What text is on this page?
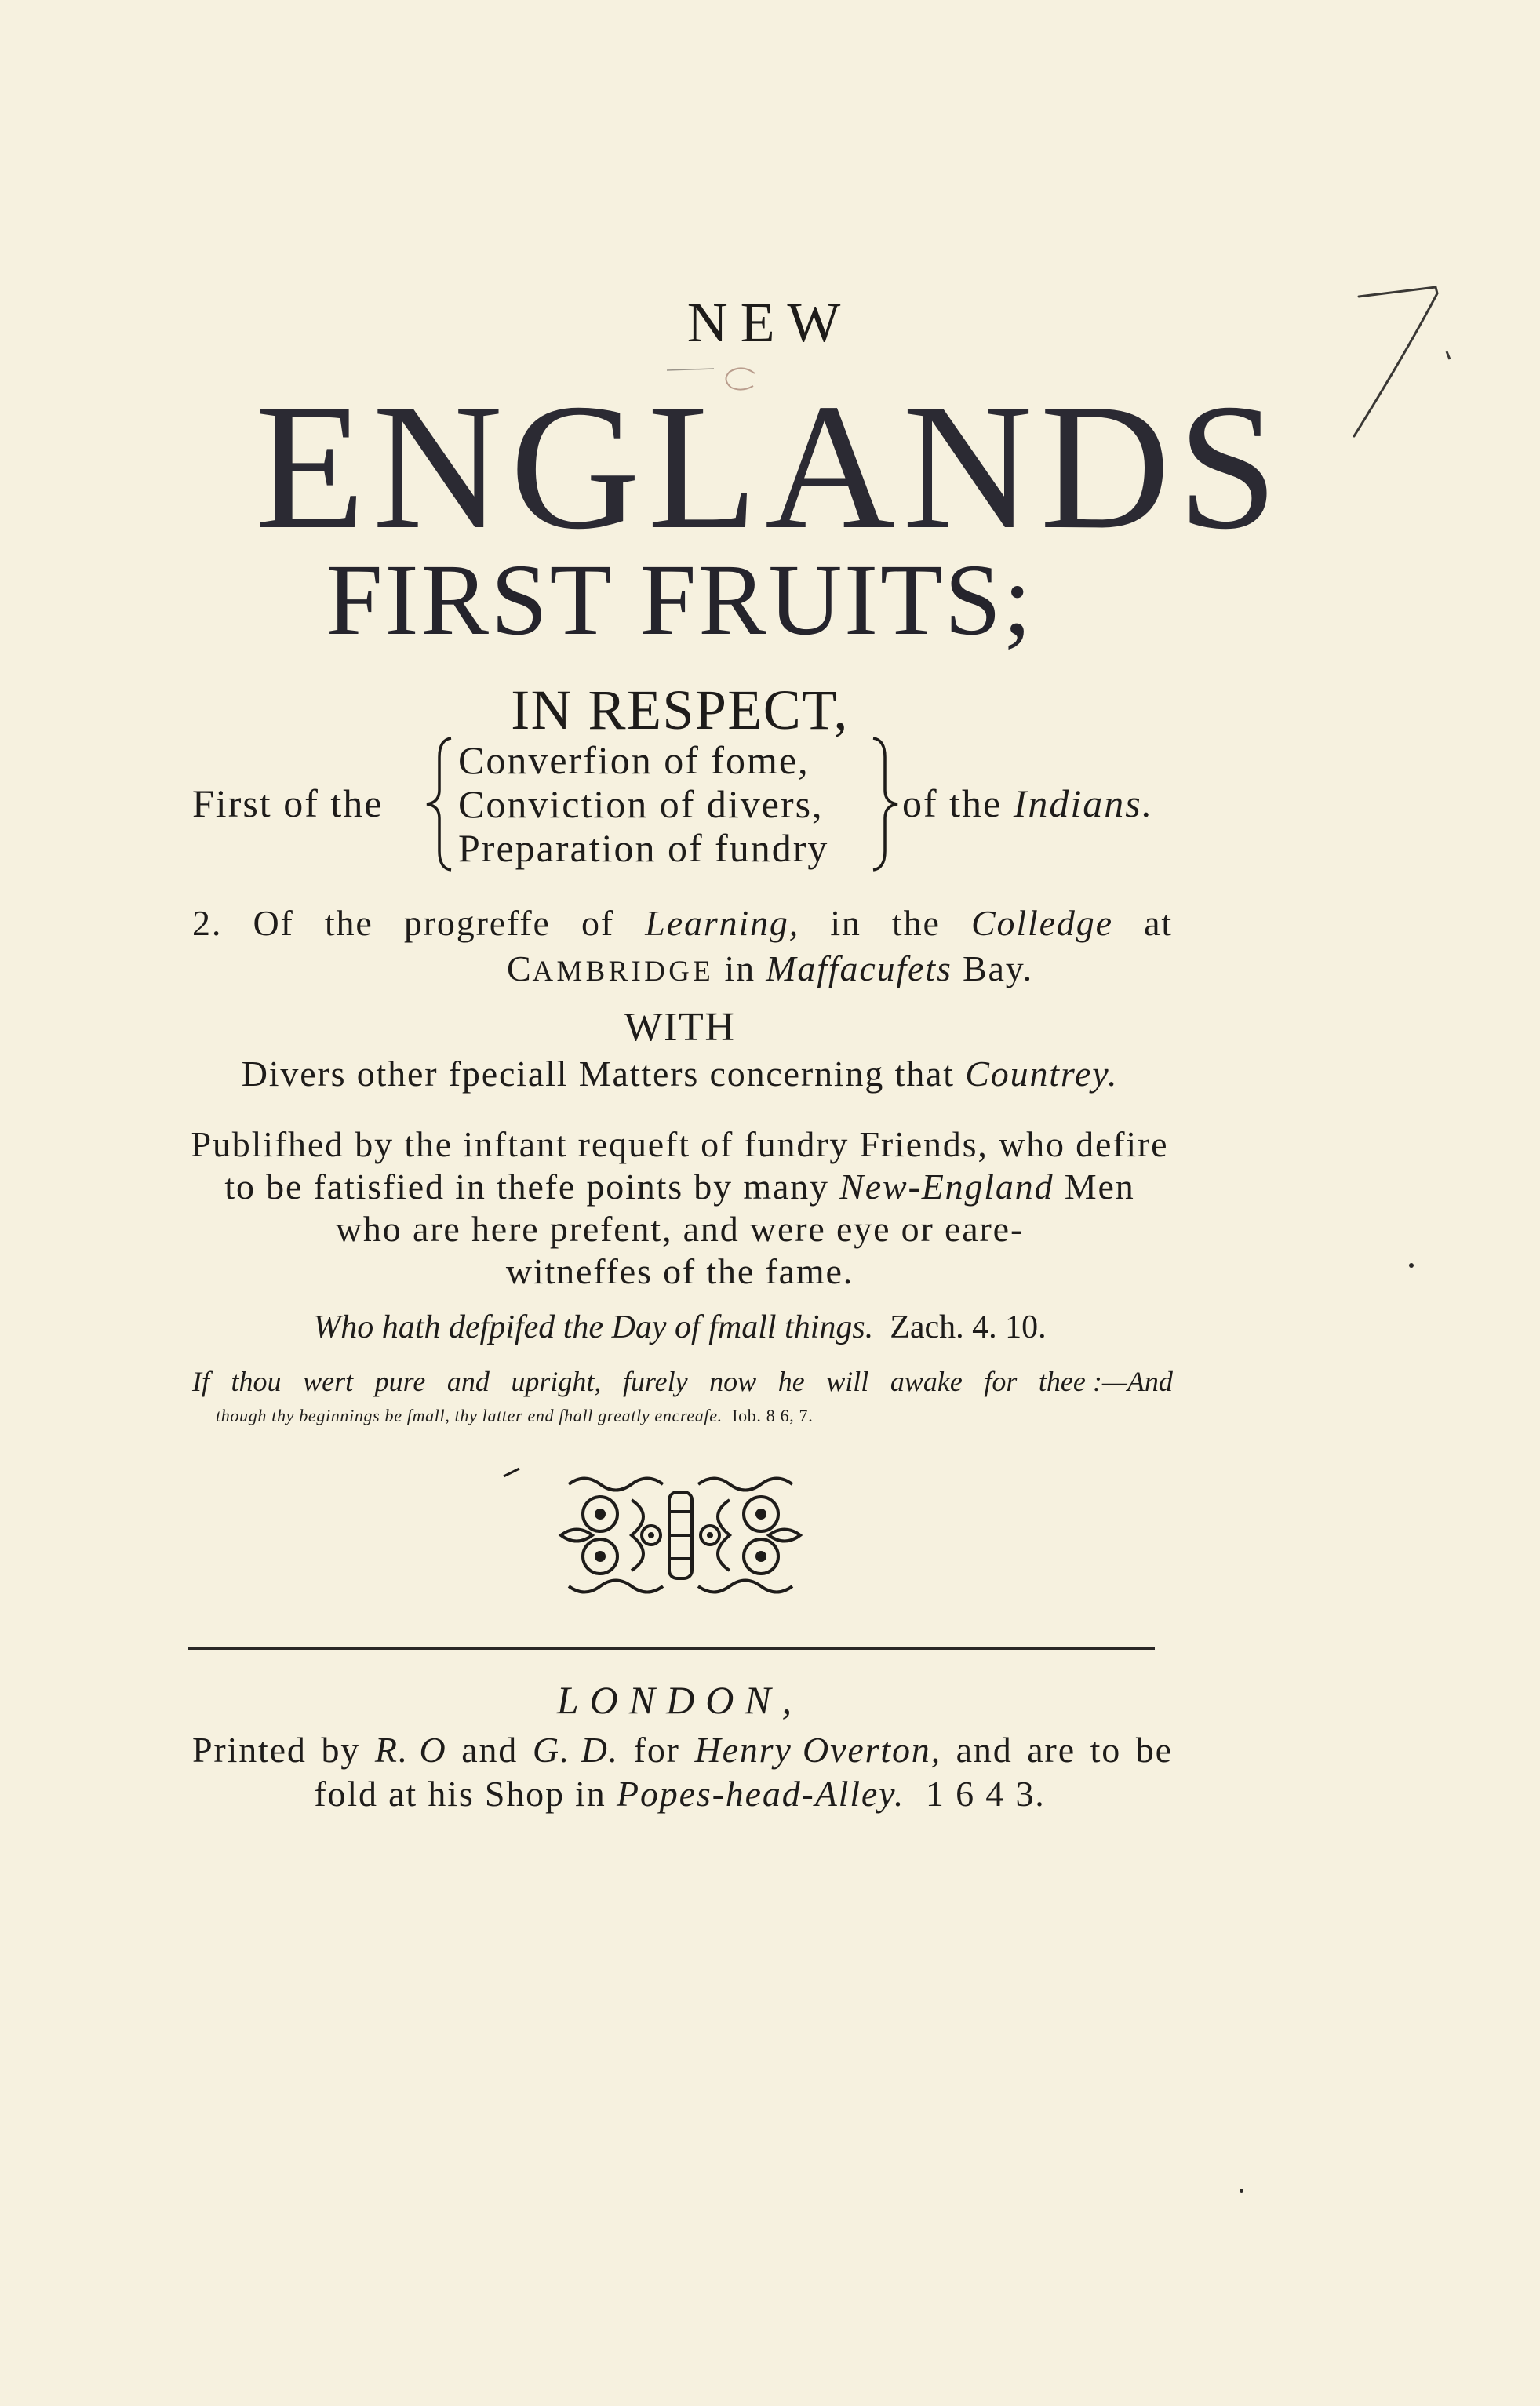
NEW
ENGLANDS
FIRST FRUITS;
IN RESPECT,
First of the
Converfion of fome,
Conviction of divers,
Preparation of fundry
of the Indians.
2. Of the progreffe of Learning, in the Colledge at
CAMBRIDGE in Maffacufets Bay.
WITH
Divers other fpeciall Matters concerning that Countrey.
Publifhed by the inftant requeft of fundry Friends, who defire
to be fatisfied in thefe points by many New-England Men
who are here prefent, and were eye or eare-
witneffes of the fame.
Who hath defpifed the Day of fmall things. Zach. 4. 10.
If thou wert pure and upright, furely now he will awake for thee :—And
though thy beginnings be fmall, thy latter end fhall greatly encreafe. Iob. 8 6, 7.
LONDON,
Printed by R. O and G. D. for Henry Overton, and are to be
fold at his Shop in Popes-head-Alley. 1 6 4 3.
